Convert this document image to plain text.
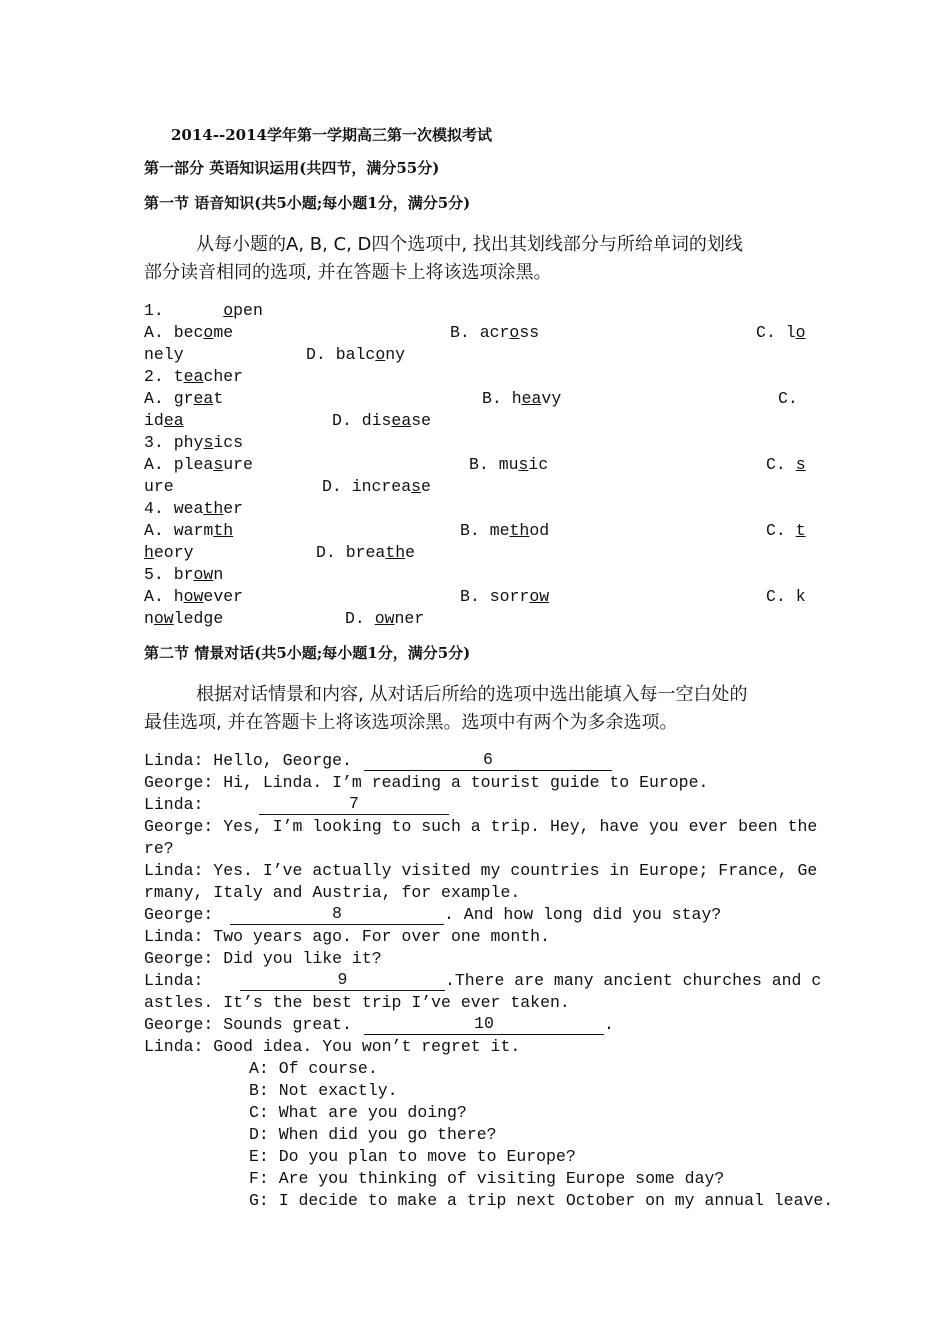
2014--2014学年第一学期高三第一次模拟考试
第一部分 英语知识运用(共四节，满分55分)
第一节 语音知识(共5小题;每小题1分，满分5分)
从每小题的A, B, C, D四个选项中, 找出其划线部分与所给单词的划线
部分读音相同的选项, 并在答题卡上将该选项涂黑。
1.	open
A. become	B. across	C. lo
nely	D. balcony
2. teacher
A. great	B. heavy	C.
idea	D. disease
3. physics
A. pleasure	B. music	C. s
ure	D. increase
4. weather
A. warmth	B. method	C. t
heory	D. breathe
5. brown
A. however	B. sorrow	C. k
nowledge	D. owner
第二节 情景对话(共5小题;每小题1分，满分5分)
根据对话情景和内容, 从对话后所给的选项中选出能填入每一空白处的
最佳选项, 并在答题卡上将该选项涂黑。选项中有两个为多余选项。
Linda: Hello, George.	6
George: Hi, Linda. I’m reading a tourist guide to Europe.
Linda:	7
George: Yes, I’m looking to such a trip. Hey, have you ever been the
re?
Linda: Yes. I’ve actually visited my countries in Europe; France, Ge
rmany, Italy and Austria, for example.
George:	8	. And how long did you stay?
Linda: Two years ago. For over one month.
George: Did you like it?
Linda:	9	.There are many ancient churches and c
astles. It’s the best trip I’ve ever taken.
George: Sounds great.	10	.
Linda: Good idea. You won’t regret it.
A: Of course.
B: Not exactly.
C: What are you doing?
D: When did you go there?
E: Do you plan to move to Europe?
F: Are you thinking of visiting Europe some day?
G: I decide to make a trip next October on my annual leave.
